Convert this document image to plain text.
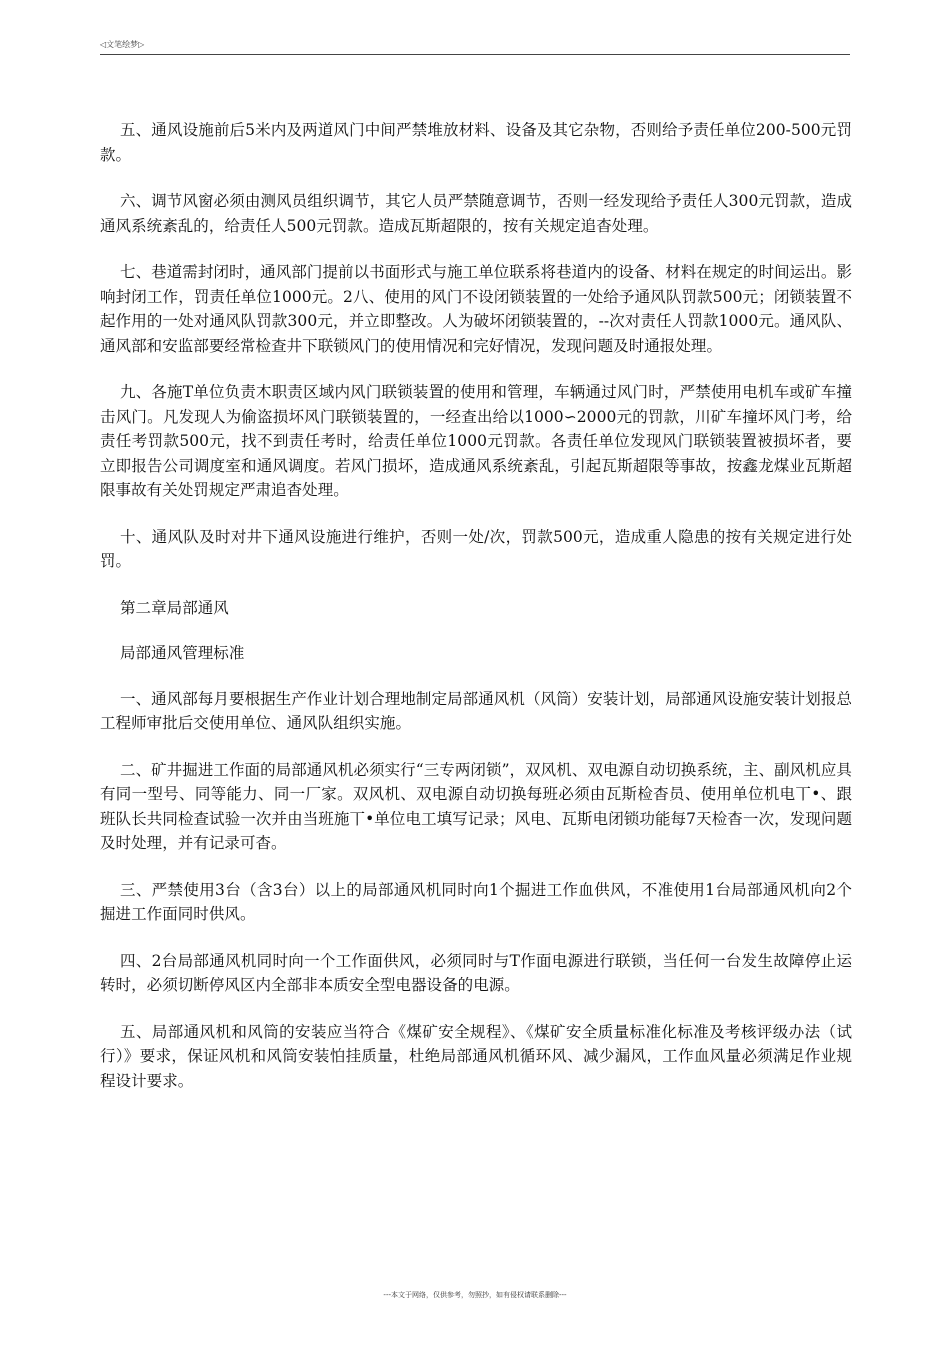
◁文笔绘梦▷

五、通风设施前后5米内及两道风门中间严禁堆放材料、设备及其它杂物，否则给予责任单位200-500元罚款。

六、调节风窗必须由测风员组织调节，其它人员严禁随意调节，否则一经发现给予责任人300元罚款，造成通风系统紊乱的，给责任人500元罚款。造成瓦斯超限的，按有关规定追杳处理。

七、巷道需封闭时，通风部门提前以书面形式与施工单位联系将巷道内的设备、材料在规定的时间运出。影响封闭工作，罚责任单位1000元。2八、使用的风门不设闭锁装置的一处给予通风队罚款500元；闭锁装置不起作用的一处对通风队罚款300元，并立即整改。人为破坏闭锁装置的，--次对责任人罚款1000元。通风队、通风部和安监部要经常检查井下联锁风门的使用情况和完好情况，发现问题及时通报处理。

九、各施T单位负责木职责区域内风门联锁装置的使用和管理，车辆通过风门时，严禁使用电机车或矿车撞击风门。凡发现人为偷盗损坏风门联锁装置的，一经查出给以1000∽2000元的罚款，川矿车撞坏风门考，给责任考罚款500元，找不到责任考时，给责任单位1000元罚款。各责任单位发现风门联锁装置被损坏者，要立即报告公司调度室和通风调度。若风门损坏，造成通风系统紊乱，引起瓦斯超限等事故，按鑫龙煤业瓦斯超限事故有关处罚规定严肃追杳处理。

十、通风队及时对井下通风设施进行维护，否则一处/次，罚款500元，造成重人隐患的按有关规定进行处罚。

第二章局部通风

局部通风管理标准

一、通风部每月要根据生产作业计划合理地制定局部通风机（风筒）安装计划，局部通风设施安装计划报总工程师审批后交使用单位、通风队组织实施。

二、矿井掘进工作面的局部通风机必须实行“三专两闭锁”，双风机、双电源自动切换系统，主、副风机应具有同一型号、同等能力、同一厂家。双风机、双电源自动切换每班必须由瓦斯检杳员、使用单位机电丅•、跟班队长共同检查试验一次并由当班施丅•单位电工填写记录；风电、瓦斯电闭锁功能每7天检杳一次，发现问题及时处理，并有记录可杳。

三、严禁使用3台（含3台）以上的局部通风机同时向1个掘进工作血供风，不准使用1台局部通风机向2个掘进工作面同时供风。

四、2台局部通风机同时向一个工作面供风，必须同时与T作面电源进行联锁，当任何一台发生故障停止运转时，必须切断停风区内全部非本质安全型电器设备的电源。

五、局部通风机和风筒的安装应当符合《煤矿安全规程》、《煤矿安全质量标准化标准及考核评级办法（试行）》要求，保证风机和风筒安装怕挂质量，杜绝局部通风机循环风、减少漏风，工作血风量必须满足作业规程设计要求。

---本文于网络，仅供参考，勿照抄，如有侵权请联系删除---
